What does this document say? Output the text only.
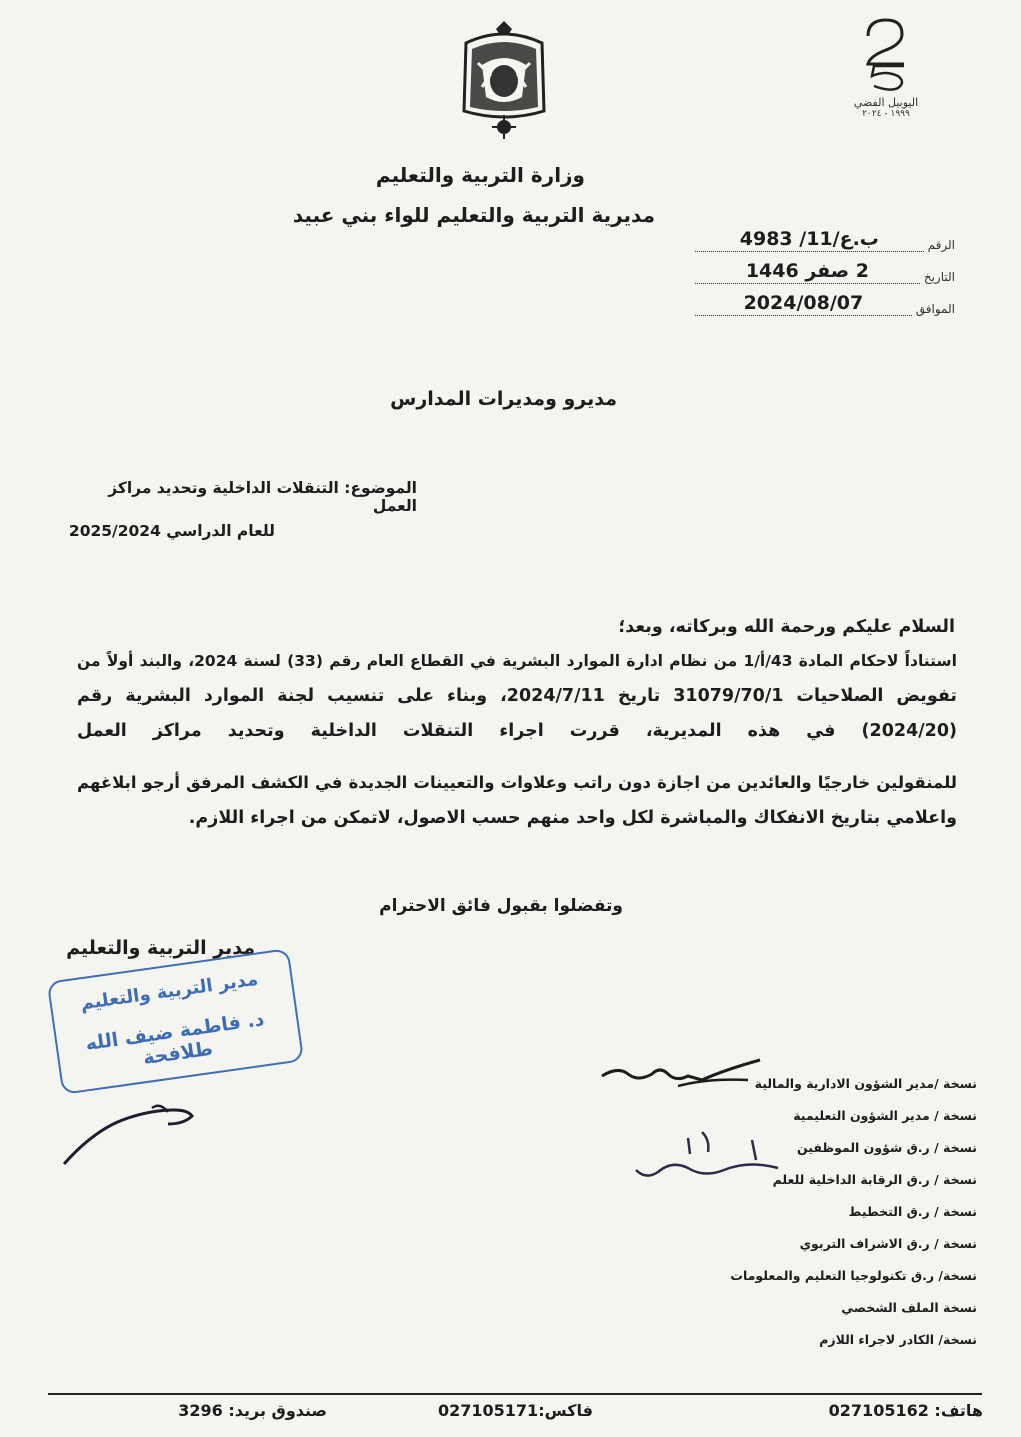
اليوبيل الفضي
١٩٩٩ - ٢٠٢٤
وزارة التربية والتعليم
مديرية التربية والتعليم للواء بني عبيد
الرقم
ب.ع/11/ 4983
التاريخ
2 صفر 1446
الموافق
2024/08/07
مديرو ومديرات المدارس
الموضوع: التنقلات الداخلية وتحديد مراكز العمل
للعام الدراسي 2025/2024
السلام عليكم ورحمة الله وبركاته، وبعد؛
استناداً لاحكام المادة 43/أ/1 من نظام ادارة الموارد البشرية في القطاع العام رقم (33) لسنة 2024، والبند أولاً من
تفويض الصلاحيات 31079/70/1 تاريخ 2024/7/11، وبناء على تنسيب لجنة الموارد البشرية رقم
(2024/20) في هذه المديرية، قررت اجراء التنقلات الداخلية وتحديد مراكز العمل
للمنقولين خارجيًا والعائدين من اجازة دون راتب وعلاوات والتعيينات الجديدة في الكشف المرفق أرجو ابلاغهم
واعلامي بتاريخ الانفكاك والمباشرة لكل واحد منهم حسب الاصول، لاتمكن من اجراء اللازم.
وتفضلوا بقبول فائق الاحترام
مدير التربية والتعليم
مدير التربية والتعليم
د. فاطمة ضيف الله طلافحة
نسخة /مدير الشؤون الادارية والمالية
نسخة / مدير الشؤون التعليمية
نسخة / ر.ق شؤون الموظفين
نسخة / ر.ق الرقابة الداخلية للعلم
نسخة / ر.ق التخطيط
نسخة / ر.ق الاشراف التربوي
نسخة/ ر.ق تكنولوجيا التعليم والمعلومات
نسخة الملف الشخصي
نسخة/ الكادر لاجراء اللازم
هاتف: 027105162
فاكس:027105171
صندوق بريد: 3296
